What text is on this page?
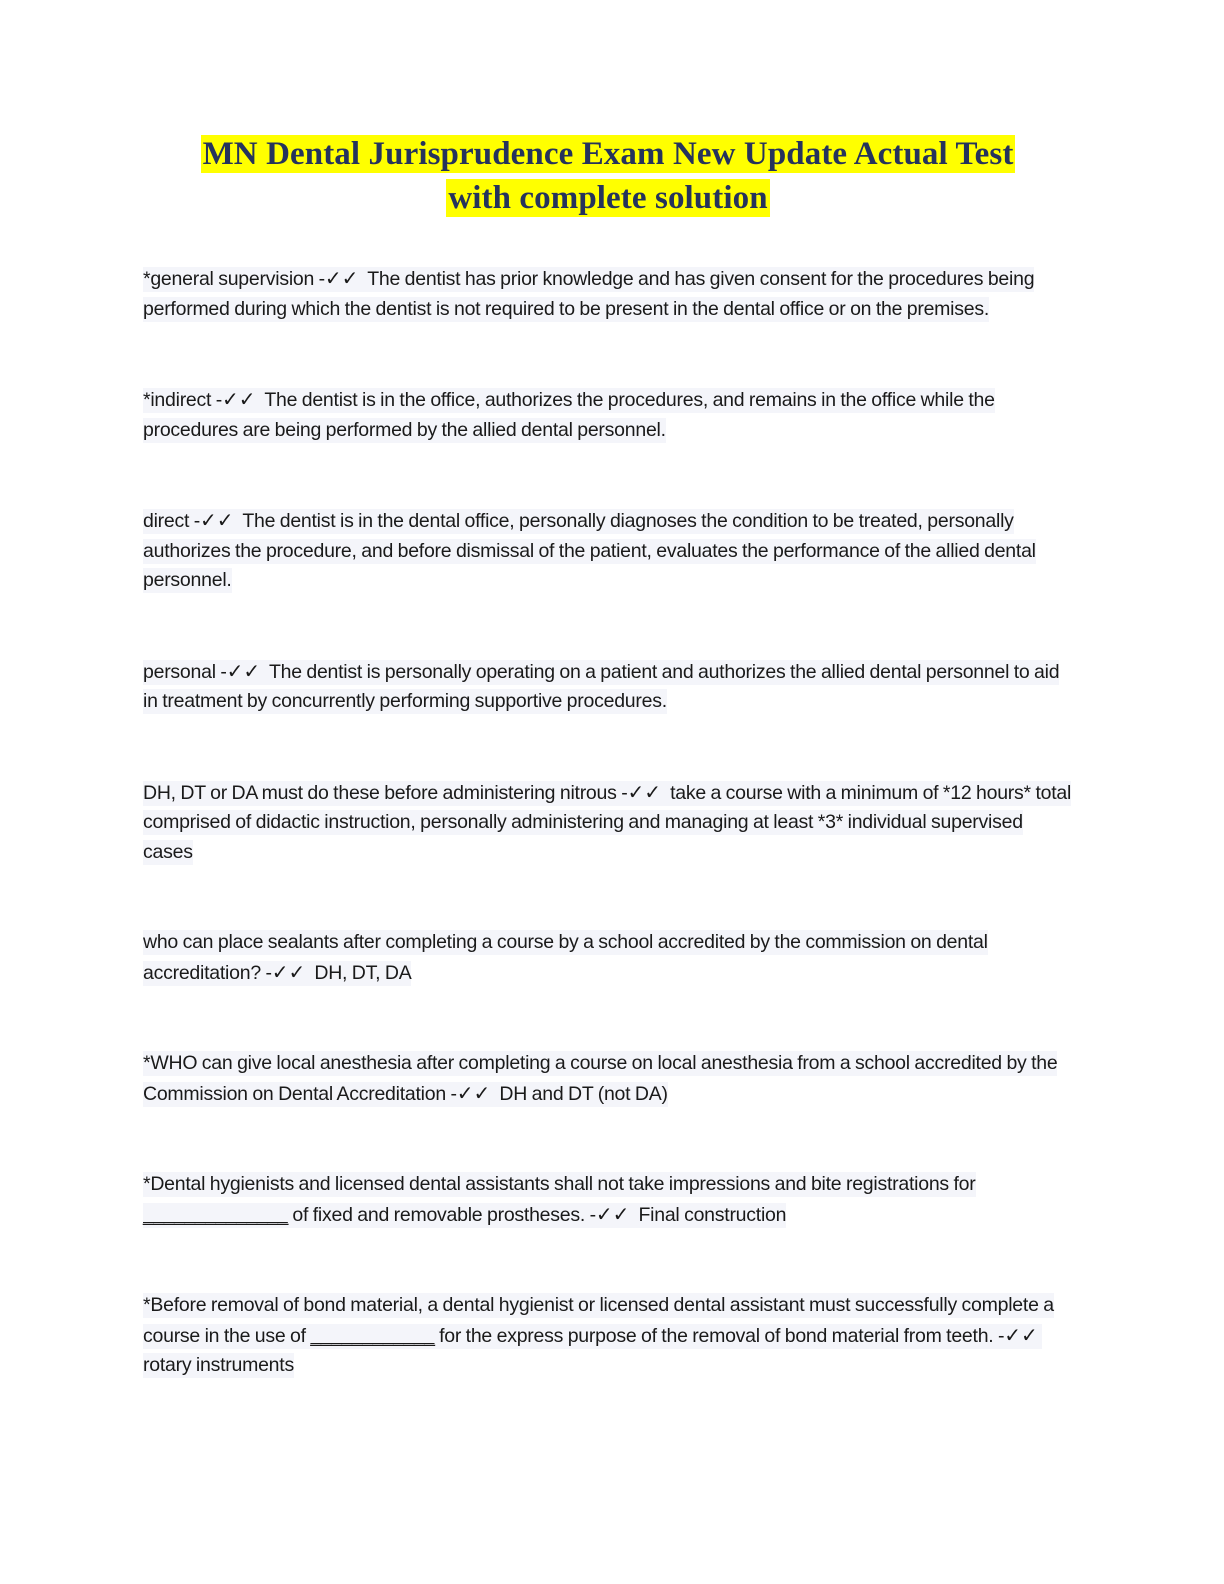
MN Dental Jurisprudence Exam New Update Actual Test
with complete solution

*general supervision -✓✓ The dentist has prior knowledge and has given consent for the procedures being performed during which the dentist is not required to be present in the dental office or on the premises.

*indirect -✓✓ The dentist is in the office, authorizes the procedures, and remains in the office while the procedures are being performed by the allied dental personnel.

direct -✓✓ The dentist is in the dental office, personally diagnoses the condition to be treated, personally authorizes the procedure, and before dismissal of the patient, evaluates the performance of the allied dental personnel.

personal -✓✓ The dentist is personally operating on a patient and authorizes the allied dental personnel to aid in treatment by concurrently performing supportive procedures.

DH, DT or DA must do these before administering nitrous -✓✓ take a course with a minimum of *12 hours* total comprised of didactic instruction, personally administering and managing at least *3* individual supervised cases

who can place sealants after completing a course by a school accredited by the commission on dental accreditation? -✓✓ DH, DT, DA

*WHO can give local anesthesia after completing a course on local anesthesia from a school accredited by the Commission on Dental Accreditation -✓✓ DH and DT (not DA)

*Dental hygienists and licensed dental assistants shall not take impressions and bite registrations for ______________ of fixed and removable prostheses. -✓✓ Final construction

*Before removal of bond material, a dental hygienist or licensed dental assistant must successfully complete a course in the use of ____________ for the express purpose of the removal of bond material from teeth. -✓✓  rotary instruments
